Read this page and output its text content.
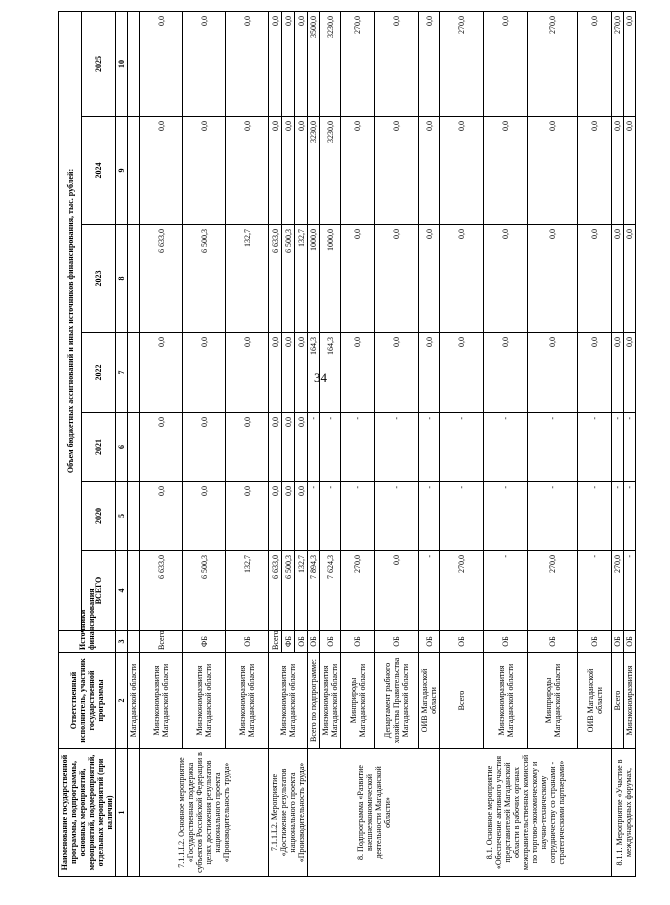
34
Наименование государственной программы, подпрограммы, основных мероприятий, мероприятий, подмероприятий, отдельных мероприятий (при наличии)	Ответственный исполнитель, участник государственной программы	Источники финансирования	Объем бюджетных ассигнований и иных источников финансирования, тыс. рублей:						
			ВСЕГО	2020	2021	2022	2023	2024	2025
1	2	3	4	5	6	7	8	9	10
	Магаданской области								
7.1.1.L2. Основное мероприятие «Государственная поддержка субъектов Российской Федерации в целях достижения результатов национального проекта «Производительность труда»	Минэкономразвития Магаданской области	Всего	6 633,0	0,0	0,0	0,0	6 633,0	0,0	0,0
	Минэкономразвития Магаданской области	ФБ	6 500,3	0,0	0,0	0,0	6 500,3	0,0	0,0
	Минэкономразвития Магаданской области	ОБ	132,7	0,0	0,0	0,0	132,7	0,0	0,0
7.1.1.L2. Мероприятие «Достижение результатов национального проекта «Производительность труда»	Минэкономразвития Магаданской области	Всего	6 633,0	0,0	0,0	0,0	6 633,0	0,0	0,0
		ФБ	6 500,3	0,0	0,0	0,0	6 500,3	0,0	0,0
		ОБ	132,7	0,0	0,0	0,0	132,7	0,0	0,0
8. Подпрограмма «Развитие внешнеэкономической деятельности Магаданской области»	Всего по подпрограмме:	ОБ	7 894,3	-	-	164,3	1000,0	3230,0	3500,0
	Минэкономразвития Магаданской области	ОБ	7 624,3	-	-	164,3	1000,0	3230,0	3230,0
	Минприроды Магаданской области	ОБ	270,0	-	-	0,0	0,0	0,0	270,0
	Департамент рыбного хозяйства Правительства Магаданской области	ОБ	0,0	-	-	0,0	0,0	0,0	0,0
	ОИВ Магаданской области	ОБ	-	-	-	0,0	0,0	0,0	0,0
8.1. Основное мероприятие «Обеспечение активного участия представителей Магаданской области в рабочих органах межправительственных комиссий по торгово-экономическому и научно-техническому сотрудничеству со странами - стратегическими партнерами»	Всего	ОБ	270,0	-	-	0,0	0,0	0,0	270,0
	Минэкономразвития Магаданской области	ОБ	-	-	-	0,0	0,0	0,0	0,0
	Минприроды Магаданской области	ОБ	270,0	-	-	0,0	0,0	0,0	270,0
	ОИВ Магаданской области	ОБ	-	-	-	0,0	0,0	0,0	0,0
8.1.1. Мероприятие «Участие в международных форумах,	Всего	ОБ	270,0	-	-	0,0	0,0	0,0	270,0
	Минэкономразвития	ОБ	-	-	-	0,0	0,0	0,0	0,0
